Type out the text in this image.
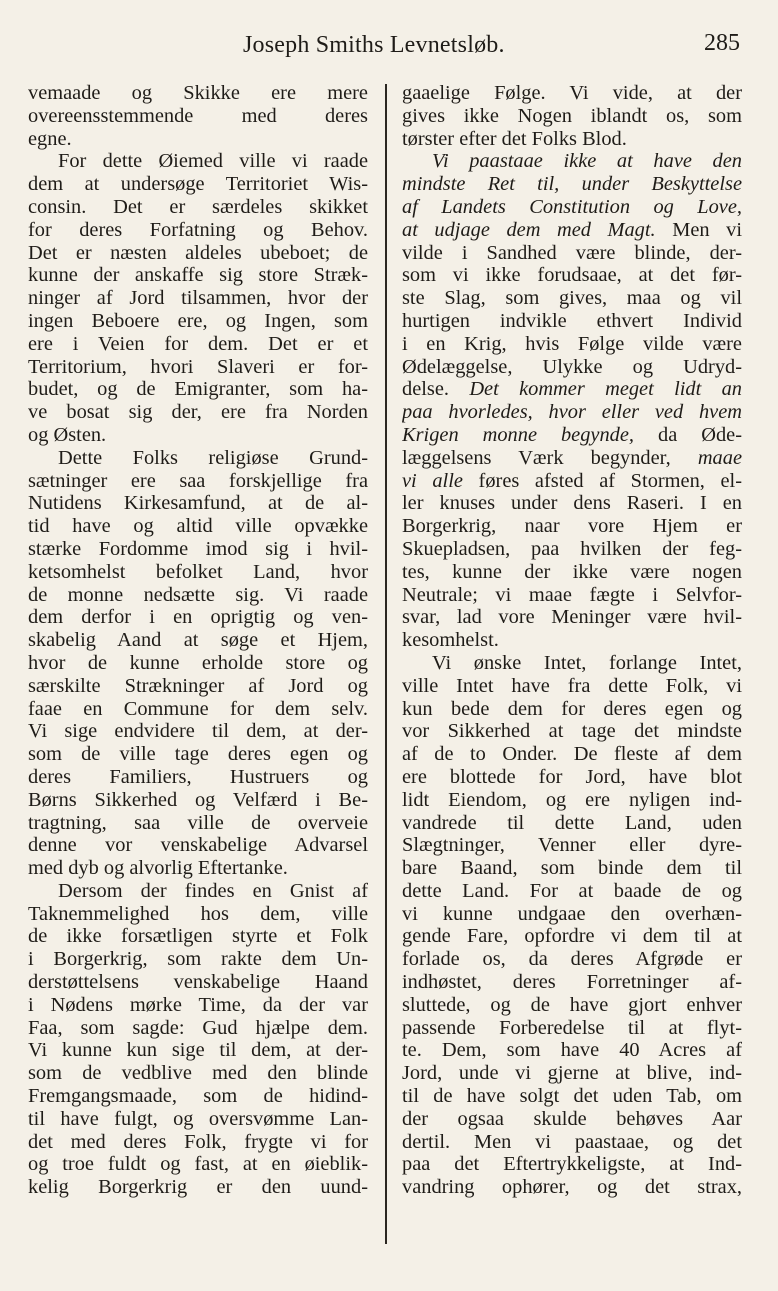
Joseph Smiths Levnetsløb.	285
vemaade og Skikke ere mere
overeensstemmende med deres
egne.
For dette Øiemed ville vi raade
dem at undersøge Territoriet Wis-
consin. Det er særdeles skikket
for deres Forfatning og Behov.
Det er næsten aldeles ubeboet; de
kunne der anskaffe sig store Stræk-
ninger af Jord tilsammen, hvor der
ingen Beboere ere, og Ingen, som
ere i Veien for dem. Det er et
Territorium, hvori Slaveri er for-
budet, og de Emigranter, som ha-
ve bosat sig der, ere fra Norden
og Østen.
Dette Folks religiøse Grund-
sætninger ere saa forskjellige fra
Nutidens Kirkesamfund, at de al-
tid have og altid ville opvække
stærke Fordomme imod sig i hvil-
ketsomhelst befolket Land, hvor
de monne nedsætte sig. Vi raade
dem derfor i en oprigtig og ven-
skabelig Aand at søge et Hjem,
hvor de kunne erholde store og
særskilte Strækninger af Jord og
faae en Commune for dem selv.
Vi sige endvidere til dem, at der-
som de ville tage deres egen og
deres Familiers, Hustruers og
Børns Sikkerhed og Velfærd i Be-
tragtning, saa ville de overveie
denne vor venskabelige Advarsel
med dyb og alvorlig Eftertanke.
Dersom der findes en Gnist af
Taknemmelighed hos dem, ville
de ikke forsætligen styrte et Folk
i Borgerkrig, som rakte dem Un-
derstøttelsens venskabelige Haand
i Nødens mørke Time, da der var
Faa, som sagde: Gud hjælpe dem.
Vi kunne kun sige til dem, at der-
som de vedblive med den blinde
Fremgangsmaade, som de hidind-
til have fulgt, og oversvømme Lan-
det med deres Folk, frygte vi for
og troe fuldt og fast, at en øieblik-
kelig Borgerkrig er den uund-
gaaelige Følge. Vi vide, at der
gives ikke Nogen iblandt os, som
tørster efter det Folks Blod.
Vi paastaae ikke at have den
mindste Ret til, under Beskyttelse
af Landets Constitution og Love,
at udjage dem med Magt. Men vi
vilde i Sandhed være blinde, der-
som vi ikke forudsaae, at det før-
ste Slag, som gives, maa og vil
hurtigen indvikle ethvert Individ
i en Krig, hvis Følge vilde være
Ødelæggelse, Ulykke og Udryd-
delse. Det kommer meget lidt an
paa hvorledes, hvor eller ved hvem
Krigen monne begynde, da Øde-
læggelsens Værk begynder, maae
vi alle føres afsted af Stormen, el-
ler knuses under dens Raseri. I en
Borgerkrig, naar vore Hjem er
Skuepladsen, paa hvilken der feg-
tes, kunne der ikke være nogen
Neutrale; vi maae fægte i Selvfor-
svar, lad vore Meninger være hvil-
kesomhelst.
Vi ønske Intet, forlange Intet,
ville Intet have fra dette Folk, vi
kun bede dem for deres egen og
vor Sikkerhed at tage det mindste
af de to Onder. De fleste af dem
ere blottede for Jord, have blot
lidt Eiendom, og ere nyligen ind-
vandrede til dette Land, uden
Slægtninger, Venner eller dyre-
bare Baand, som binde dem til
dette Land. For at baade de og
vi kunne undgaae den overhæn-
gende Fare, opfordre vi dem til at
forlade os, da deres Afgrøde er
indhøstet, deres Forretninger af-
sluttede, og de have gjort enhver
passende Forberedelse til at flyt-
te. Dem, som have 40 Acres af
Jord, unde vi gjerne at blive, ind-
til de have solgt det uden Tab, om
der ogsaa skulde behøves Aar
dertil. Men vi paastaae, og det
paa det Eftertrykkeligste, at Ind-
vandring ophører, og det strax,
